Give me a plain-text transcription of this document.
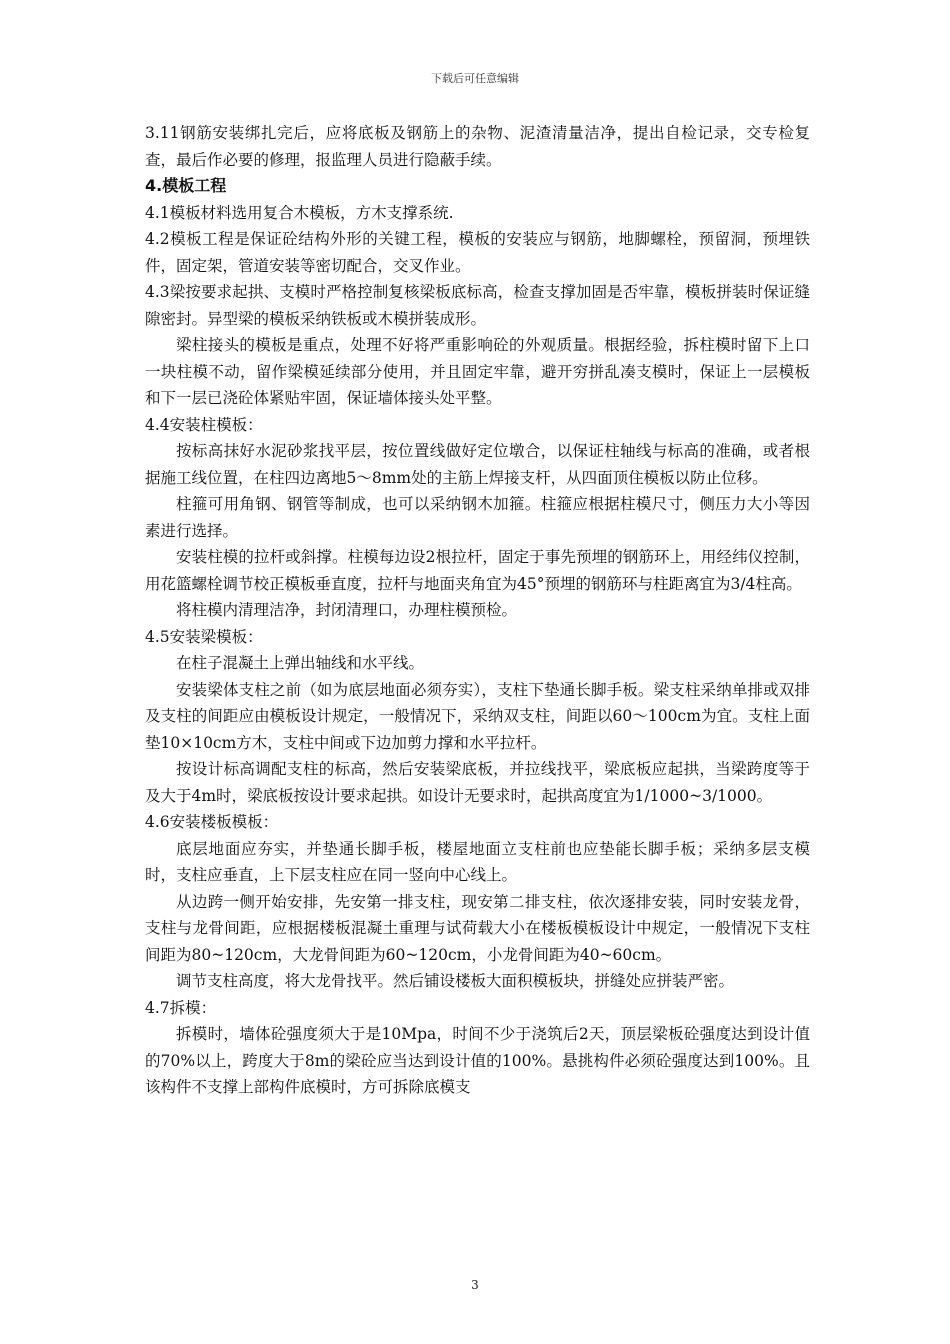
下载后可任意编辑

3.11钢筋安装绑扎完后，应将底板及钢筋上的杂物、泥渣清量洁净，提出自检记录，交专检复查，最后作必要的修理，报监理人员进行隐蔽手续。

4.模板工程

4.1模板材料选用复合木模板，方木支撑系统.

4.2模板工程是保证砼结构外形的关键工程，模板的安装应与钢筋，地脚螺栓，预留洞，预埋铁件，固定架，管道安装等密切配合，交叉作业。

4.3梁按要求起拱、支模时严格控制复核梁板底标高，检查支撑加固是否牢靠，模板拼装时保证缝隙密封。异型梁的模板采纳铁板或木模拼装成形。

梁柱接头的模板是重点，处理不好将严重影响砼的外观质量。根据经验，拆柱模时留下上口一块柱模不动，留作梁模延续部分使用，并且固定牢靠，避开穷拼乱凑支模时，保证上一层模板和下一层已浇砼体紧贴牢固，保证墙体接头处平整。

4.4安装柱模板：

按标高抹好水泥砂浆找平层，按位置线做好定位墩合，以保证柱轴线与标高的准确，或者根据施工线位置，在柱四边离地5～8mm处的主筋上焊接支杆，从四面顶住模板以防止位移。

柱箍可用角钢、钢管等制成，也可以采纳钢木加箍。柱箍应根据柱模尺寸，侧压力大小等因素进行选择。

安装柱模的拉杆或斜撑。柱模每边设2根拉杆，固定于事先预埋的钢筋环上，用经纬仪控制，用花篮螺栓调节校正模板垂直度，拉杆与地面夹角宜为45°预埋的钢筋环与柱距离宜为3/4柱高。

将柱模内清理洁净，封闭清理口，办理柱模预检。

4.5安装梁模板：

在柱子混凝土上弹出轴线和水平线。

安装梁体支柱之前（如为底层地面必须夯实），支柱下垫通长脚手板。梁支柱采纳单排或双排及支柱的间距应由模板设计规定，一般情况下，采纳双支柱，间距以60～100cm为宜。支柱上面垫10×10cm方木，支柱中间或下边加剪力撑和水平拉杆。

按设计标高调配支柱的标高，然后安装梁底板，并拉线找平，梁底板应起拱，当梁跨度等于及大于4m时，梁底板按设计要求起拱。如设计无要求时，起拱高度宜为1/1000~3/1000。

4.6安装楼板模板：

底层地面应夯实，并垫通长脚手板，楼屋地面立支柱前也应垫能长脚手板；采纳多层支模时，支柱应垂直，上下层支柱应在同一竖向中心线上。

从边跨一侧开始安排，先安第一排支柱，现安第二排支柱，依次逐排安装，同时安装龙骨，支柱与龙骨间距，应根据楼板混凝土重理与试荷载大小在楼板模板设计中规定，一般情况下支柱间距为80~120cm，大龙骨间距为60~120cm，小龙骨间距为40~60cm。

调节支柱高度，将大龙骨找平。然后铺设楼板大面积模板块，拼缝处应拼装严密。

4.7拆模：

拆模时，墙体砼强度须大于是10Mpa，时间不少于浇筑后2天，顶层梁板砼强度达到设计值的70%以上，跨度大于8m的梁砼应当达到设计值的100%。悬挑构件必须砼强度达到100%。且该构件不支撑上部构件底模时，方可拆除底模支

3
